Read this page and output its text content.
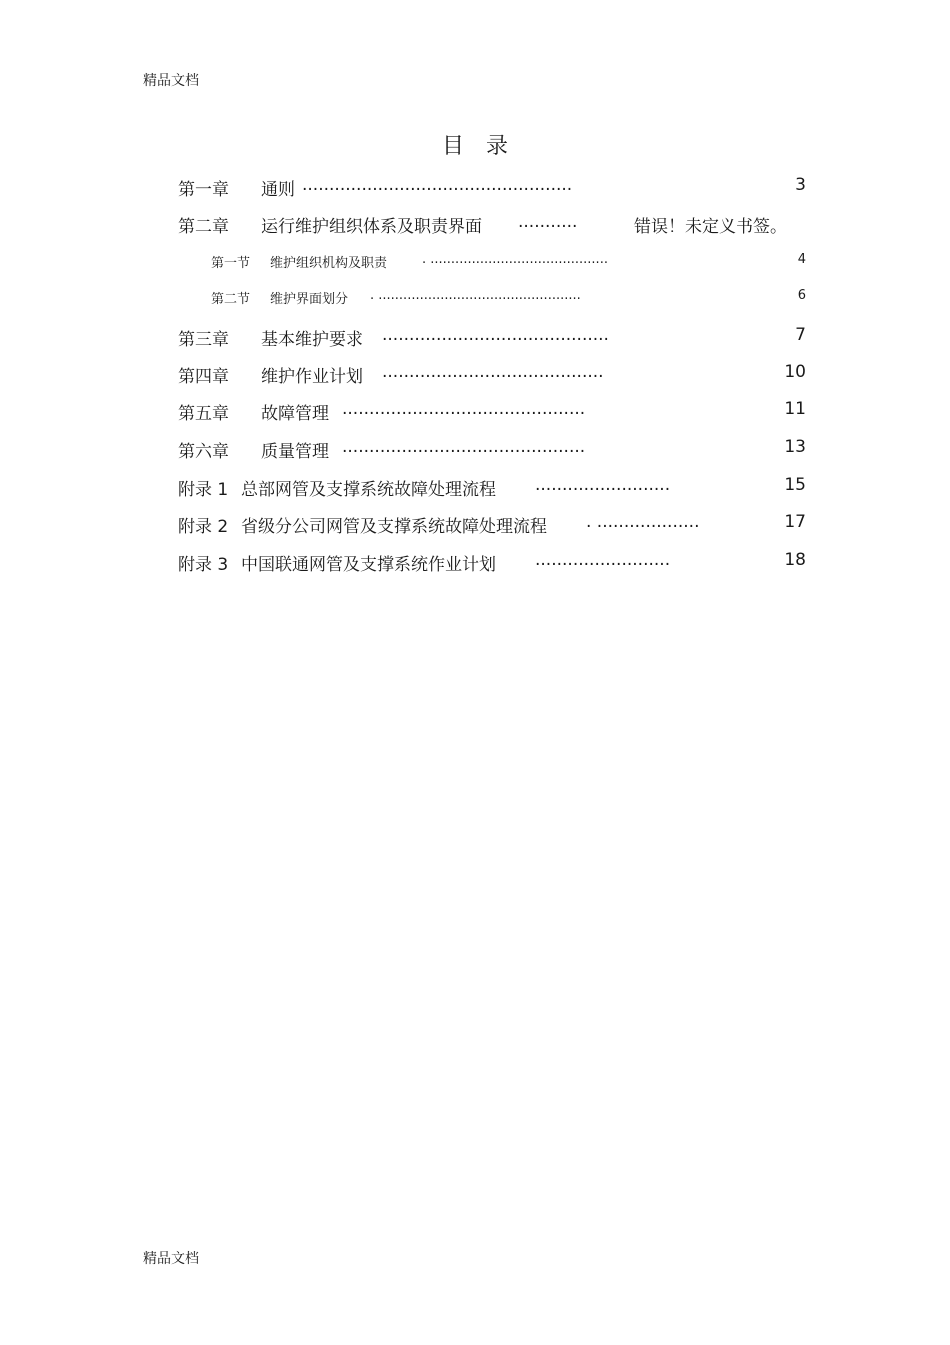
精品文档
目　录
第一章 通则 ..................................................	3
第二章 运行维护组织体系及职责界面 ...........	错误！未定义书签。
第一节 维护组织机构及职责	. ...........................................	4
第二节 维护界面划分 . .................................................	6
第三章 基本维护要求 ..........................................	7
第四章 维护作业计划 .........................................	10
第五章 故障管理 .............................................	11
第六章 质量管理 .............................................	13
附录 1 总部网管及支撑系统故障处理流程 .........................	15
附录 2 省级分公司网管及支撑系统故障处理流程 . ...................	17
附录 3 中国联通网管及支撑系统作业计划 .........................	18
精品文档
